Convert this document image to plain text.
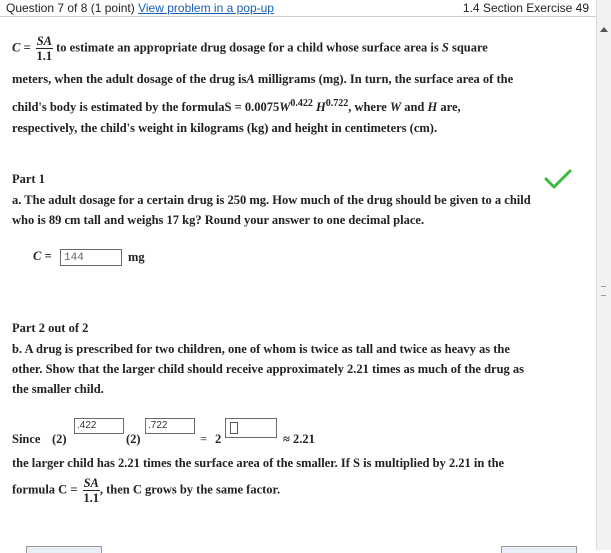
Question 7 of 8 (1 point) View problem in a pop-up	1.4 Section Exercise 49
$C = \frac{SA}{1.1}$ to estimate an appropriate drug dosage for a child whose surface area is S square
meters, when the adult dosage of the drug isA milligrams (mg). In turn, the surface area of the
child's body is estimated by the formulaS = $0.0075W^{0.422}$ $H^{0.722}$, where W and H are,
respectively, the child's weight in kilograms (kg) and height in centimeters (cm).
Part 1
a. The adult dosage for a certain drug is 250 mg. How much of the drug should be given to a child
who is 89 cm tall and weighs 17 kg? Round your answer to one decimal place.
C =	144	mg
Part 2 out of 2
b. A drug is prescribed for two children, one of whom is twice as tall and twice as heavy as the
other. Show that the larger child should receive approximately 2.21 times as much of the drug as
the smaller child.
Since (2)
.422
(2)
.722
= 2	≈ 2.21
the larger child has 2.21 times the surface area of the smaller. If S is multiplied by 2.21 in the
formula $C = \frac{SA}{1.1}$ , then C grows by the same factor.
